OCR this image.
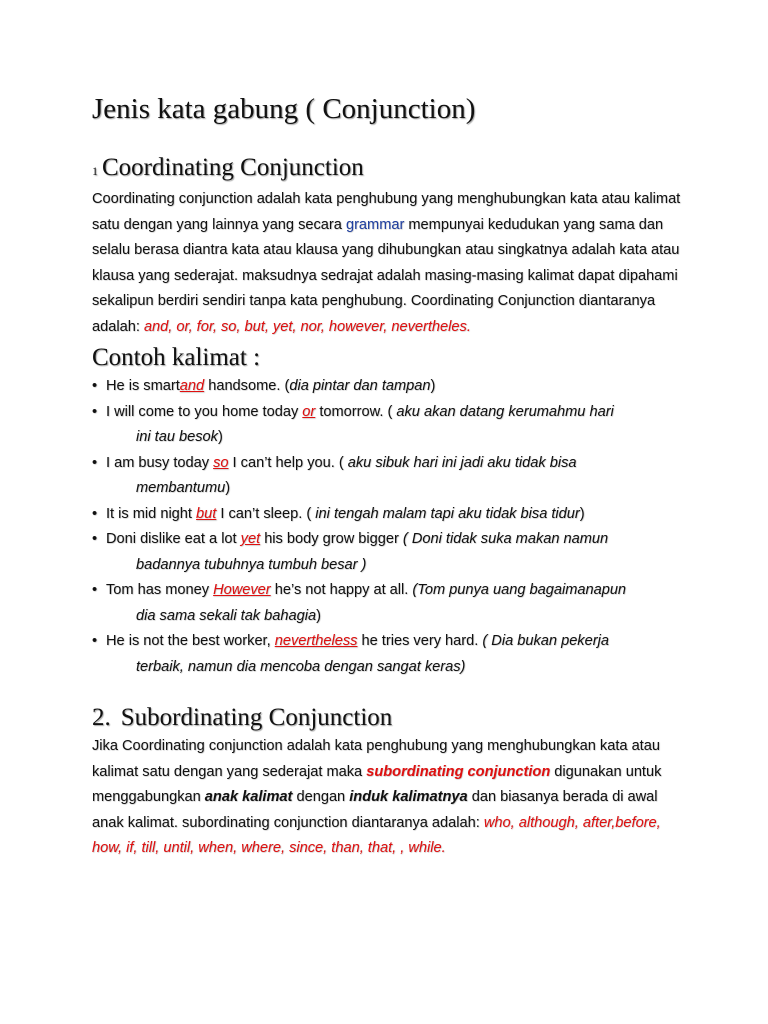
Jenis kata gabung ( Conjunction)
1 Coordinating Conjunction

Coordinating conjunction adalah kata penghubung yang menghubungkan kata atau kalimat satu dengan yang lainnya yang secara grammar mempunyai kedudukan yang sama dan selalu berasa diantra kata atau klausa yang dihubungkan atau singkatnya adalah kata atau klausa yang sederajat. maksudnya sedrajat adalah masing-masing kalimat dapat dipahami sekalipun berdiri sendiri tanpa kata penghubung. Coordinating Conjunction diantaranya adalah: and, or, for, so, but, yet, nor, however, nevertheles.

Contoh kalimat :
• He is smartand handsome. (dia pintar dan tampan)
• I will come to you home today or tomorrow. ( aku akan datang kerumahmu hari
ini tau besok)
• I am busy today so I can’t help you. ( aku sibuk hari ini jadi aku tidak bisa
membantumu)
• It is mid night but I can’t sleep. ( ini tengah malam tapi aku tidak bisa tidur)
• Doni dislike eat a lot yet his body grow bigger ( Doni tidak suka makan namun
badannya tubuhnya tumbuh besar )
• Tom has money However he’s not happy at all. (Tom punya uang bagaimanapun
dia sama sekali tak bahagia)
• He is not the best worker, nevertheless he tries very hard. ( Dia bukan pekerja
terbaik, namun dia mencoba dengan sangat keras)
2. Subordinating Conjunction

Jika Coordinating conjunction adalah kata penghubung yang menghubungkan kata atau kalimat satu dengan yang sederajat maka subordinating conjunction digunakan untuk menggabungkan anak kalimat dengan induk kalimatnya dan biasanya berada di awal anak kalimat. subordinating conjunction diantaranya adalah: who, although, after,before, how, if, till, until, when, where, since, than, that, , while.
